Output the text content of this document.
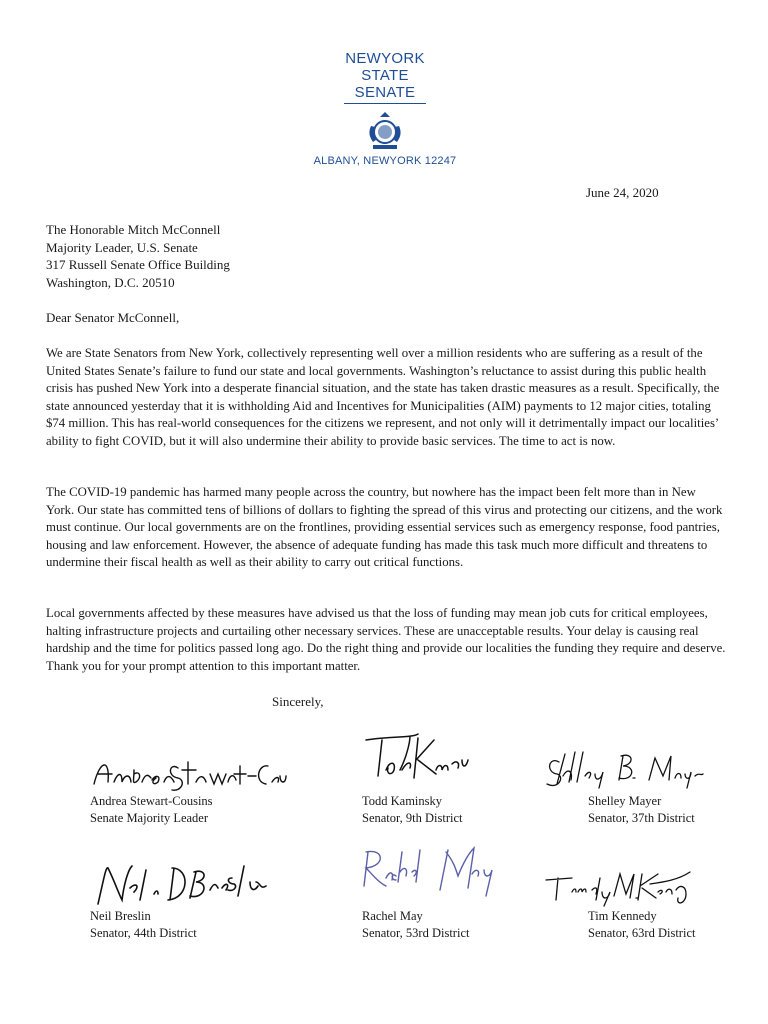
NEWYORK
STATE
SENATE
ALBANY, NEWYORK 12247
June 24, 2020
The Honorable Mitch McConnell
Majority Leader, U.S. Senate
317 Russell Senate Office Building
Washington, D.C. 20510
Dear Senator McConnell,

We are State Senators from New York, collectively representing well over a million residents who are suffering as a result of the United States Senate’s failure to fund our state and local governments. Washington’s reluctance to assist during this public health crisis has pushed New York into a desperate financial situation, and the state has taken drastic measures as a result. Specifically, the state announced yesterday that it is withholding Aid and Incentives for Municipalities (AIM) payments to 12 major cities, totaling $74 million. This has real-world consequences for the citizens we represent, and not only will it detrimentally impact our localities’ ability to fight COVID, but it will also undermine their ability to provide basic services. The time to act is now.

The COVID-19 pandemic has harmed many people across the country, but nowhere has the impact been felt more than in New York. Our state has committed tens of billions of dollars to fighting the spread of this virus and protecting our citizens, and the work must continue. Our local governments are on the frontlines, providing essential services such as emergency response, food pantries, housing and law enforcement. However, the absence of adequate funding has made this task much more difficult and threatens to undermine their fiscal health as well as their ability to carry out critical functions.

Local governments affected by these measures have advised us that the loss of funding may mean job cuts for critical employees, halting infrastructure projects and curtailing other necessary services. These are unacceptable results. Your delay is causing real hardship and the time for politics passed long ago. Do the right thing and provide our localities the funding they require and deserve. Thank you for your prompt attention to this important matter.

Sincerely,
Andrea Stewart-Cousins
Senate Majority Leader
Todd Kaminsky
Senator, 9th District
Shelley Mayer
Senator, 37th District
Neil Breslin
Senator, 44th District
Rachel May
Senator, 53rd District
Tim Kennedy
Senator, 63rd District
